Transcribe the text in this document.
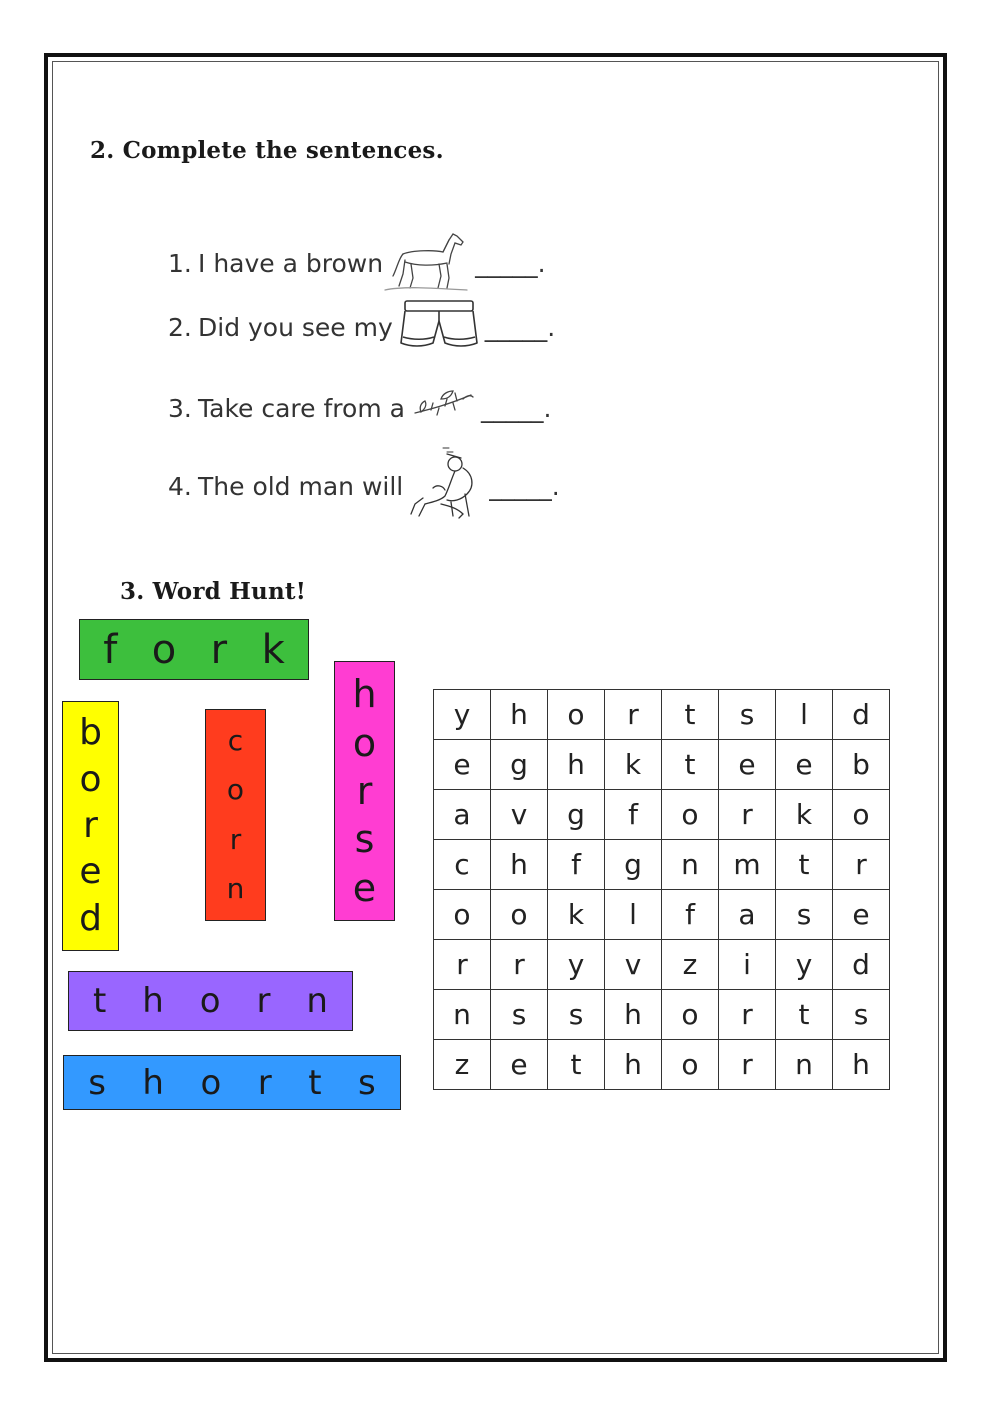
2. Complete the sentences.
1. I have a brown	_____.
2. Did you see my	_____.
3. Take care from a	_____.
4. The old man will	_____.
3. Word Hunt!
f o r k
b
o
r
e
d
c
o
r
n
h
o
r
s
e
t h o r n
s h o r t s
y	h	o	r	t	s	l	d
e	g	h	k	t	e	e	b
a	v	g	f	o	r	k	o
c	h	f	g	n	m	t	r
o	o	k	l	f	a	s	e
r	r	y	v	z	i	y	d
n	s	s	h	o	r	t	s
z	e	t	h	o	r	n	h
